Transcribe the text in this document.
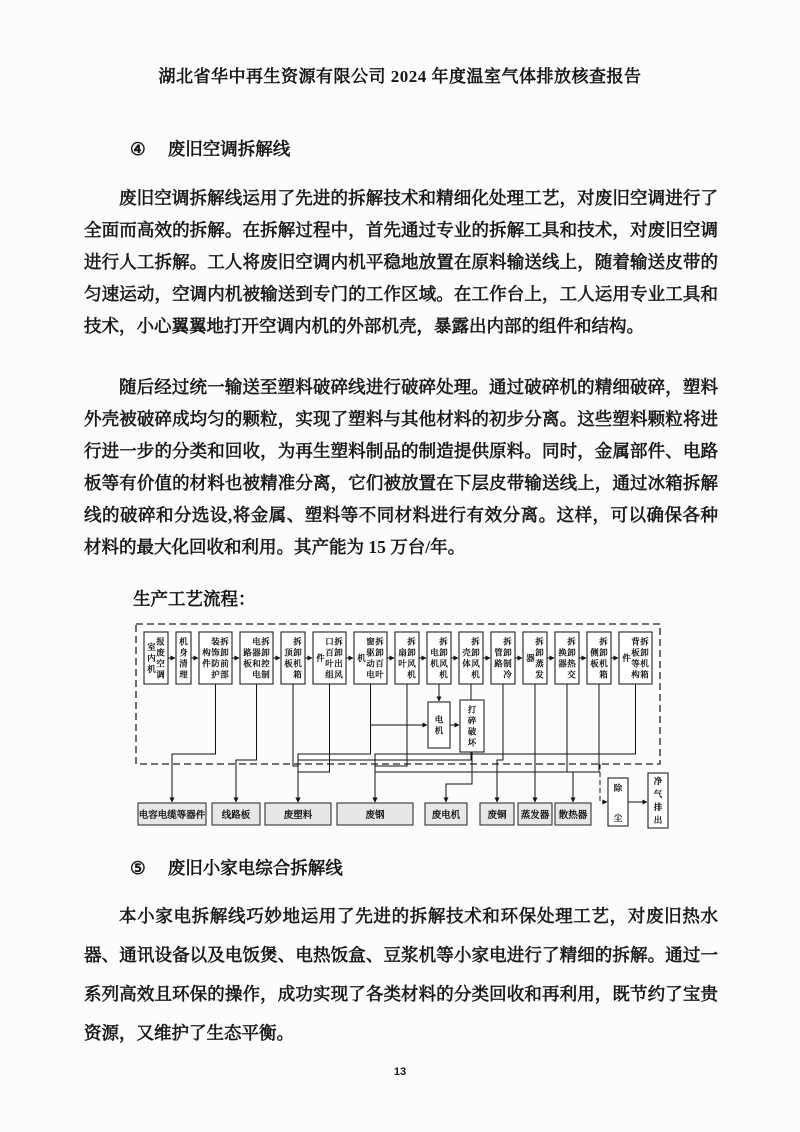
湖北省华中再生资源有限公司 2024 年度温室气体排放核查报告
④ 废旧空调拆解线
废旧空调拆解线运用了先进的拆解技术和精细化处理工艺，对废旧空调进行了全面而高效的拆解。在拆解过程中，首先通过专业的拆解工具和技术，对废旧空调进行人工拆解。工人将废旧空调内机平稳地放置在原料输送线上，随着输送皮带的匀速运动，空调内机被输送到专门的工作区域。在工作台上，工人运用专业工具和技术，小心翼翼地打开空调内机的外部机壳，暴露出内部的组件和结构。
随后经过统一输送至塑料破碎线进行破碎处理。通过破碎机的精细破碎，塑料外壳被破碎成均匀的颗粒，实现了塑料与其他材料的初步分离。这些塑料颗粒将进行进一步的分类和回收，为再生塑料制品的制造提供原料。同时，金属部件、电路板等有价值的材料也被精准分离，它们被放置在下层皮带输送线上，通过冰箱拆解线的破碎和分选设,将金属、塑料等不同材料进行有效分离。这样，可以确保各种材料的最大化回收和利用。其产能为 15 万台/年。
生产工艺流程：
报
废
空
调
室
内
机
机
身
清
理
拆
卸
前
部
装
饰
防
护
构
件
拆
卸
控
制
电
器
和
电
路
板
拆
卸
机
箱
顶
板
拆
卸
出
风
口
百
叶
组
件
拆
卸
百
叶
窗
驱
动
电
机
拆
卸
风
机
扇
叶
拆
卸
风
机
电
机
拆
卸
风
机
壳
体
拆
卸
制
冷
管
路
拆
卸
蒸
发
器
拆
卸
热
交
换
器
拆
卸
机
箱
侧
板
拆
卸
机
箱
背
板
等
构
件
电容电缆等器件 线路板	废塑料	废钢	废电机	废铜 蒸发器 散热器
电
机
打
碎
破
坏
除
尘
净
气
排
出
⑤ 废旧小家电综合拆解线
本小家电拆解线巧妙地运用了先进的拆解技术和环保处理工艺，对废旧热水器、通讯设备以及电饭煲、电热饭盒、豆浆机等小家电进行了精细的拆解。通过一系列高效且环保的操作，成功实现了各类材料的分类回收和再利用，既节约了宝贵资源，又维护了生态平衡。
13
